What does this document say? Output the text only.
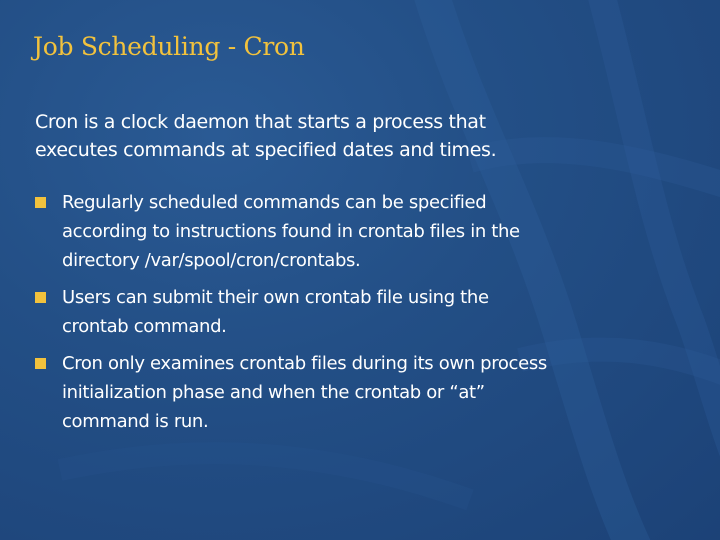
Job Scheduling - Cron

Cron is a clock daemon that starts a process that
executes commands at specified dates and times.

Regularly scheduled commands can be specified
according to instructions found in crontab files in the
directory /var/spool/cron/crontabs.
Users can submit their own crontab file using the
crontab command.
Cron only examines crontab files during its own process
initialization phase and when the crontab or “at”
command is run.
